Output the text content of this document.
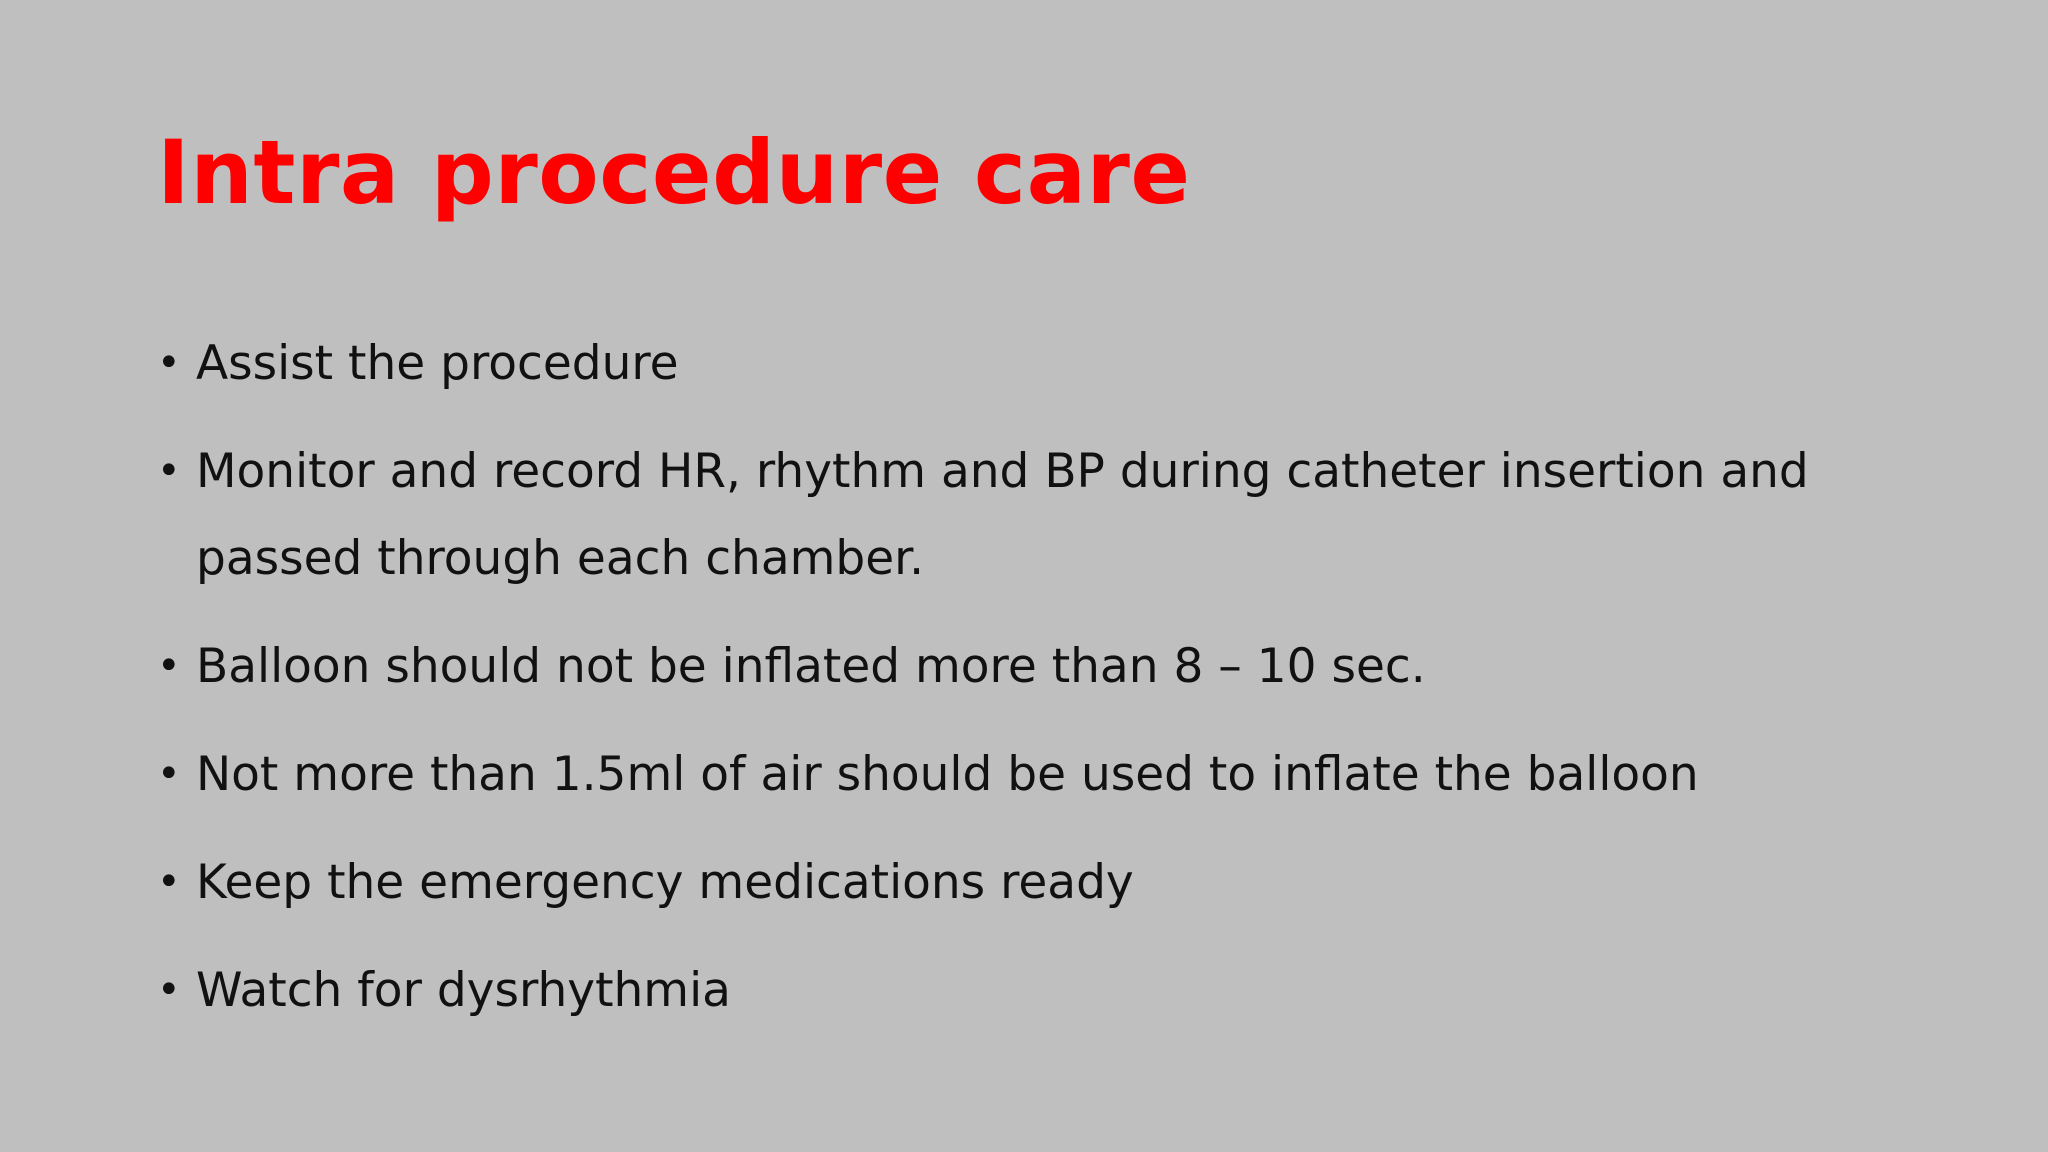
Intra procedure care
• Assist the procedure
• Monitor and record HR, rhythm and BP during catheter insertion and passed through each chamber.
• Balloon should not be inflated more than 8 – 10 sec.
• Not more than 1.5ml of air should be used to inflate the balloon
• Keep the emergency medications ready
• Watch for dysrhythmia
